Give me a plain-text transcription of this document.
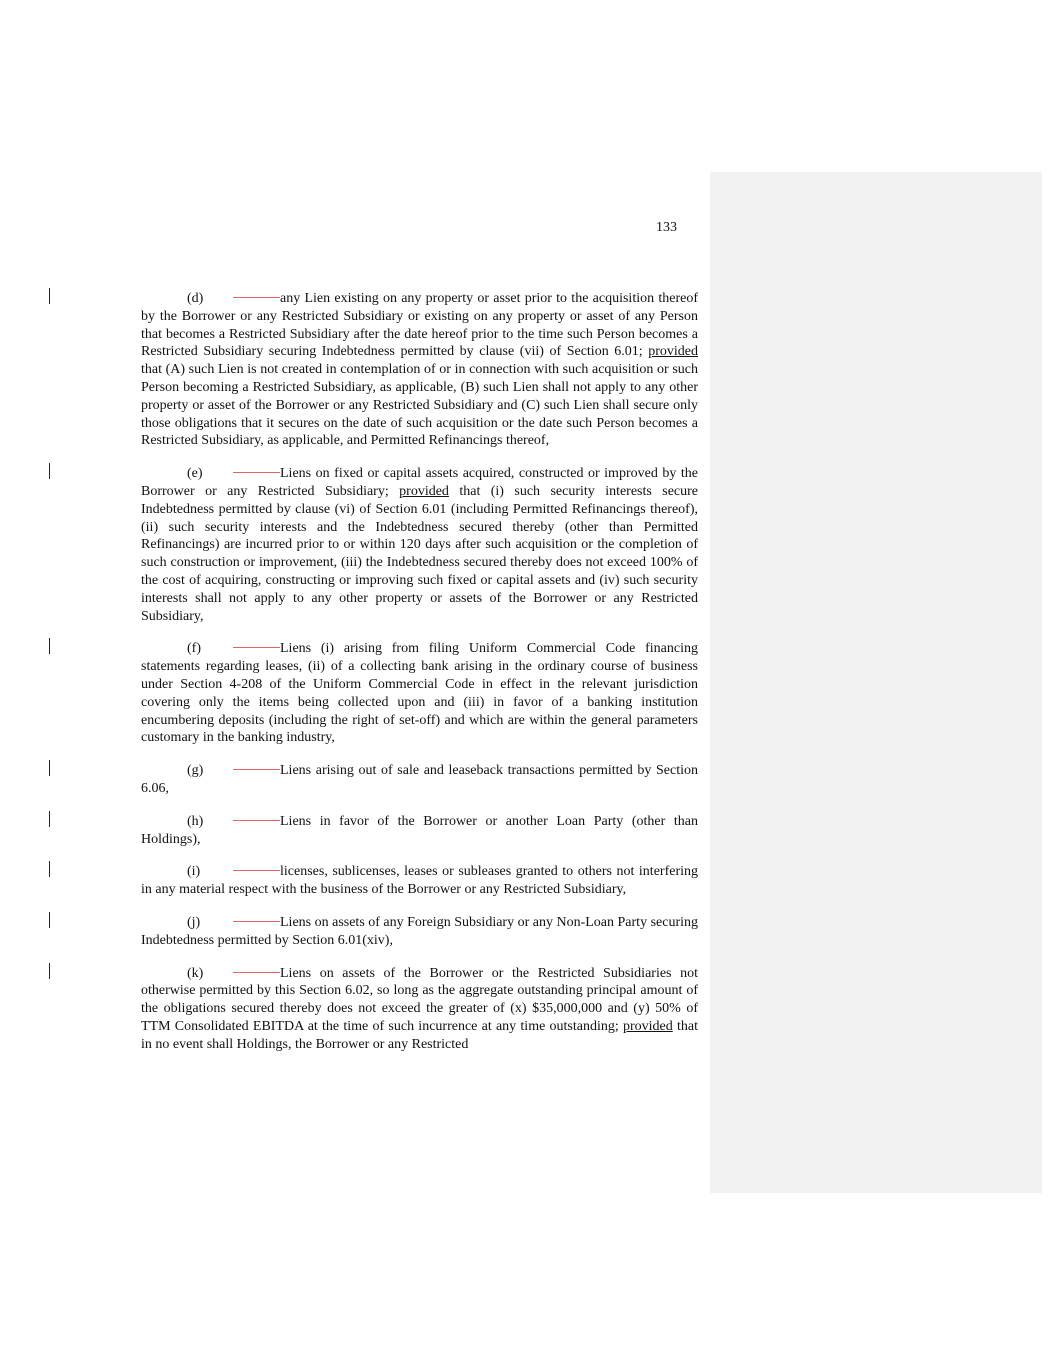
133

(d)	any Lien existing on any property or asset prior to the acquisition thereof by the Borrower or any Restricted Subsidiary or existing on any property or asset of any Person that becomes a Restricted Subsidiary after the date hereof prior to the time such Person becomes a Restricted Subsidiary securing Indebtedness permitted by clause (vii) of Section 6.01; provided that (A) such Lien is not created in contemplation of or in connection with such acquisition or such Person becoming a Restricted Subsidiary, as applicable, (B) such Lien shall not apply to any other property or asset of the Borrower or any Restricted Subsidiary and (C) such Lien shall secure only those obligations that it secures on the date of such acquisition or the date such Person becomes a Restricted Subsidiary, as applicable, and Permitted Refinancings thereof,

(e)	Liens on fixed or capital assets acquired, constructed or improved by the Borrower or any Restricted Subsidiary; provided that (i) such security interests secure Indebtedness permitted by clause (vi) of Section 6.01 (including Permitted Refinancings thereof), (ii) such security interests and the Indebtedness secured thereby (other than Permitted Refinancings) are incurred prior to or within 120 days after such acquisition or the completion of such construction or improvement, (iii) the Indebtedness secured thereby does not exceed 100% of the cost of acquiring, constructing or improving such fixed or capital assets and (iv) such security interests shall not apply to any other property or assets of the Borrower or any Restricted Subsidiary,

(f)	Liens (i) arising from filing Uniform Commercial Code financing statements regarding leases, (ii) of a collecting bank arising in the ordinary course of business under Section 4-208 of the Uniform Commercial Code in effect in the relevant jurisdiction covering only the items being collected upon and (iii) in favor of a banking institution encumbering deposits (including the right of set-off) and which are within the general parameters customary in the banking industry,

(g)	Liens arising out of sale and leaseback transactions permitted by Section 6.06,

(h)	Liens in favor of the Borrower or another Loan Party (other than Holdings),

(i)	licenses, sublicenses, leases or subleases granted to others not interfering in any material respect with the business of the Borrower or any Restricted Subsidiary,

(j)	Liens on assets of any Foreign Subsidiary or any Non-Loan Party securing Indebtedness permitted by Section 6.01(xiv),

(k)	Liens on assets of the Borrower or the Restricted Subsidiaries not otherwise permitted by this Section 6.02, so long as the aggregate outstanding principal amount of the obligations secured thereby does not exceed the greater of (x) $35,000,000 and (y) 50% of TTM Consolidated EBITDA at the time of such incurrence at any time outstanding; provided that in no event shall Holdings, the Borrower or any Restricted
